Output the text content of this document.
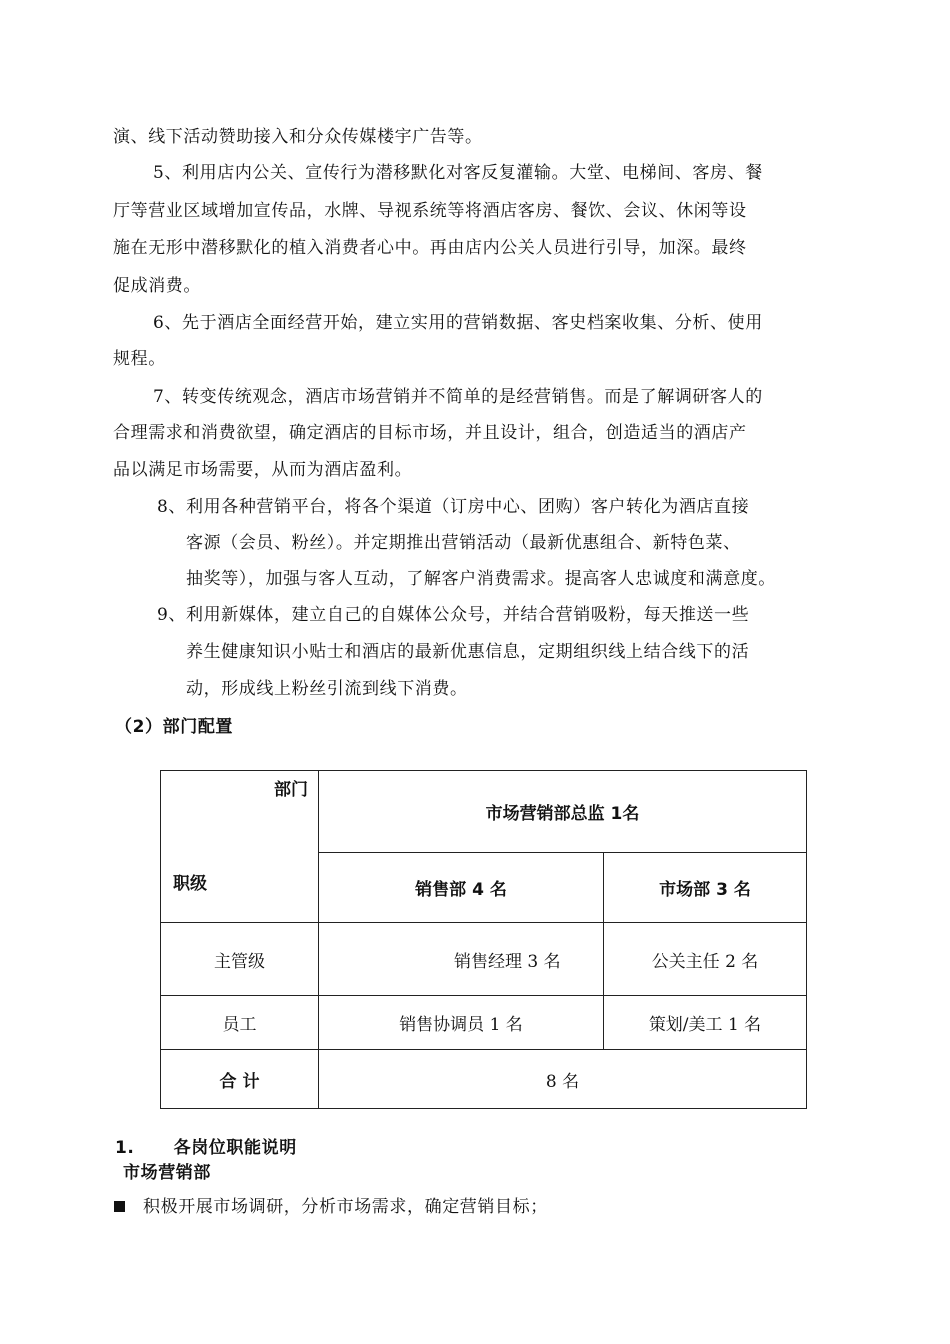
演、线下活动赞助接入和分众传媒楼宇广告等。
5、利用店内公关、宣传行为潜移默化对客反复灌输。大堂、电梯间、客房、餐
厅等营业区域增加宣传品，水牌、导视系统等将酒店客房、餐饮、会议、休闲等设
施在无形中潜移默化的植入消费者心中。再由店内公关人员进行引导，加深。最终
促成消费。
6、先于酒店全面经营开始，建立实用的营销数据、客史档案收集、分析、使用
规程。
7、转变传统观念，酒店市场营销并不简单的是经营销售。而是了解调研客人的
合理需求和消费欲望，确定酒店的目标市场，并且设计，组合，创造适当的酒店产
品以满足市场需要，从而为酒店盈利。
8、利用各种营销平台，将各个渠道（订房中心、团购）客户转化为酒店直接
客源（会员、粉丝）。并定期推出营销活动（最新优惠组合、新特色菜、
抽奖等），加强与客人互动，了解客户消费需求。提高客人忠诚度和满意度。
9、利用新媒体，建立自己的自媒体公众号，并结合营销吸粉，每天推送一些
养生健康知识小贴士和酒店的最新优惠信息，定期组织线上结合线下的活
动，形成线上粉丝引流到线下消费。
（2）部门配置
部门
职级	市场营销部总监 1名	
	销售部 4 名	市场部 3 名
主管级	销售经理 3 名	公关主任 2 名
员工	销售协调员 1 名	策划/美工 1 名
合 计	8 名	
1.      各岗位职能说明
市场营销部
积极开展市场调研，分析市场需求，确定营销目标；
